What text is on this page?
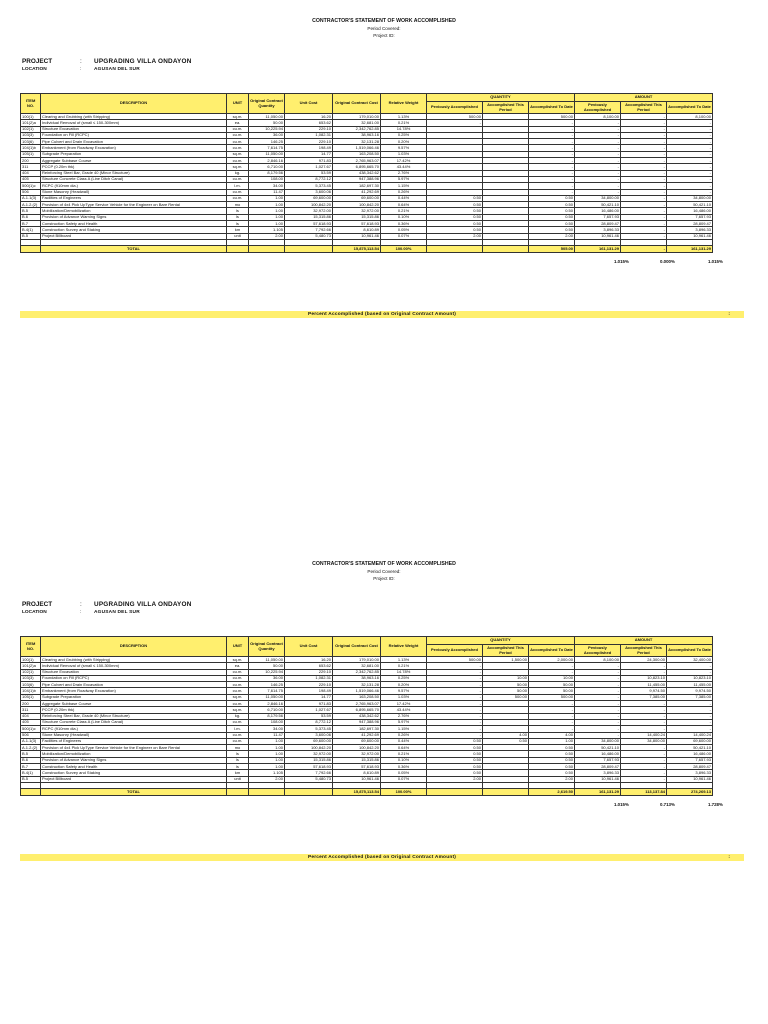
CONTRACTOR'S STATEMENT OF WORK ACCOMPLISHED
Period Covered:
Project ID:
PROJECT	:	UPGRADING VILLA ONDAYON
LOCATION	:	AGUSAN DEL SUR
ITEM NO.	DESCRIPTION	UNIT	Original Contract Quantity	Unit Cost	Original Contract Cost	Relative Weight	QUANTITY			AMOUNT		
							Peviously Accomplished	Accomplished This Period	Accomplished To Date	Peviously Accomplished	Accomplished This Period	Accomplished To Date
100(1)	Clearing and Grubbing (with Stripping)	sq.m.	11,050.00	16.20	179,010.00	1.13%	500.00		500.00	8,100.00	-	8,100.00
101(2)a	Individual Removal of (small ≤ 150-300mm)	ea.	50.00	653.62	32,681.00	0.21%	-		-	-	-	-
102(1)	Structure Excavation	cu.m.	10,225.94	229.10	2,342,762.85	14.78%			-	-	-	-
103(3)	Foundation on Fill (RCPC)	cu.m.	36.00	1,082.31	38,963.16	0.25%			-	-	-	-
103(6)	Pipe Culvert and Drain Excavation	cu.m.	146.25	229.10	32,131.28	0.20%			-	-	-	-
104(1)b	Embankment (from Roadway Excavation)	cu.m.	7,614.75	198.49	1,519,066.46	9.57%			-	-	-	-
105(1)	Subgrade Preparation	sq.m.	11,050.00	14.77	163,208.50	1.03%			-	-	-	-
200	Aggregate Subbase Course	cu.m.	2,846.16	971.83	2,765,963.07	17.42%			-	-	-	-
311	PCCP (0.20m thk)	sq.m.	6,710.00	1,027.67	6,895,665.70	43.44%			-	-	-	-
404	Reinforcing Steel Bar, Grade 40 (Minor Structure)	kg.	8,179.56	53.59	438,342.62	2.76%			-	-	-	-
405	Structure Concrete Class A (Line Ditch Canal)	cu.m.	108.00	8,772.12	947,388.96	5.97%			-	-	-	-
500(1)c	RCPC (910mm dia.)	l.m.	34.00	5,373.45	182,697.30	1.15%			-	-	-	-
506	Stone Masonry (Headwall)	cu.m.	11.47	3,600.06	41,292.69	0.26%			-	-	-	-
A.1.1(3)	Facilities of Engineers	cu.m.	1.00	69,600.00	69,600.00	0.44%	0.50		0.50	34,800.00	-	34,800.00
A.1.2.(2)	Provision of 4x4 Pick UpType Service Vehicle for the Engineer on Bare Rental	mo	1.00	100,842.20	100,842.20	0.64%	0.50		0.50	50,421.10	-	50,421.10
B.5	Mobilization/Demobilization	ls	1.00	32,972.00	32,972.00	0.21%	0.50		0.50	16,486.00	-	16,486.00
B.6	Provision of Advance Warning Signs	ls	1.00	15,315.86	15,315.86	0.10%	0.50		0.50	7,657.93	-	7,657.93
B.7	Construction Safety and Health	ls	1.00	57,618.93	57,618.93	0.36%	0.50		0.50	28,809.47	-	28,809.47
B.4(1)	Construction Survey and Staking	km	1.105	7,792.66	8,610.89	0.05%	0.50		0.50	3,896.33	-	3,896.33
B.5	Project Billboard	unit	2.00	5,480.73	10,961.46	0.07%	2.00		2.00	10,961.46	-	10,961.46

	TOTAL				15,875,113.54	100.00%			505.00	161,131.29	-	161,131.29
1.015%	0.000%	1.015%
Percent Accomplished (based on Original Contract Amount)	:
CONTRACTOR'S STATEMENT OF WORK ACCOMPLISHED
Period Covered:
Project ID:
PROJECT	:	UPGRADING VILLA ONDAYON
LOCATION	:	AGUSAN DEL SUR
ITEM NO.	DESCRIPTION	UNIT	Original Contract Quantity	Unit Cost	Original Contract Cost	Relative Weight	QUANTITY			AMOUNT		
							Peviously Accomplished	Accomplished This Period	Accomplished To Date	Peviously Accomplished	Accomplished This Period	Accomplished To Date
100(1)	Clearing and Grubbing (with Stripping)	sq.m.	11,050.00	16.20	179,010.00	1.13%	500.00	1,500.00	2,000.00	8,100.00	24,300.00	32,400.00
101(2)a	Individual Removal of (small ≤ 150-300mm)	ea.	50.00	653.62	32,681.00	0.21%	-		-	-	-	-
102(1)	Structure Excavation	cu.m.	10,225.94	229.10	2,342,762.85	14.78%	-		-	-	-	-
103(3)	Foundation on Fill (RCPC)	cu.m.	36.00	1,082.31	38,963.16	0.25%	-	10.00	10.00	-	10,823.10	10,823.10
103(6)	Pipe Culvert and Drain Excavation	cu.m.	146.25	229.10	32,131.28	0.20%	-	50.00	50.00	-	11,455.00	11,455.00
104(1)b	Embankment (from Roadway Excavation)	cu.m.	7,614.75	198.49	1,519,066.46	9.57%	-	50.00	50.00	-	9,974.50	9,974.50
105(1)	Subgrade Preparation	sq.m.	11,050.00	14.77	163,208.50	1.03%	-	500.00	500.00	-	7,385.00	7,385.00
200	Aggregate Subbase Course	cu.m.	2,846.16	971.83	2,765,963.07	17.42%	-		-	-	-	-
311	PCCP (0.20m thk)	sq.m.	6,710.00	1,027.67	6,895,665.70	43.44%	-		-	-	-	-
404	Reinforcing Steel Bar, Grade 40 (Minor Structure)	kg.	8,179.56	53.59	438,342.62	2.76%	-		-	-	-	-
405	Structure Concrete Class A (Line Ditch Canal)	cu.m.	108.00	8,772.12	947,388.96	5.97%	-		-	-	-	-
500(1)c	RCPC (910mm dia.)	l.m.	34.00	5,373.45	182,697.30	1.15%	-		-	-	-	-
506	Stone Masonry (Headwall)	cu.m.	11.47	3,600.06	41,292.69	0.26%	-	4.00	4.00	-	14,400.24	14,400.24
A.1.1(3)	Facilities of Engineers	cu.m.	1.00	69,600.00	69,600.00	0.44%	0.50	0.50	1.00	34,800.00	34,800.00	69,600.00
A.1.2.(2)	Provision of 4x4 Pick UpType Service Vehicle for the Engineer on Bare Rental	mo	1.00	100,842.20	100,842.20	0.64%	0.50		0.50	50,421.10	-	50,421.10
B.5	Mobilization/Demobilization	ls	1.00	32,972.00	32,972.00	0.21%	0.50		0.50	16,486.00	-	16,486.00
B.6	Provision of Advance Warning Signs	ls	1.00	15,315.86	15,315.86	0.10%	0.50		0.50	7,657.93	-	7,657.93
B.7	Construction Safety and Health	ls	1.00	57,618.93	57,618.93	0.36%	0.50		0.50	28,809.47	-	28,809.47
B.4(1)	Construction Survey and Staking	km	1.105	7,792.66	8,610.89	0.05%	0.50		0.50	3,896.33	-	3,896.33
B.5	Project Billboard	unit	2.00	5,480.73	10,961.46	0.07%	2.00		2.00	10,961.46	-	10,961.46

	TOTAL				15,875,113.54	100.00%			2,619.50	161,131.29	113,137.84	274,269.13
1.015%	0.713%	1.728%
Percent Accomplished (based on Original Contract Amount)	:
